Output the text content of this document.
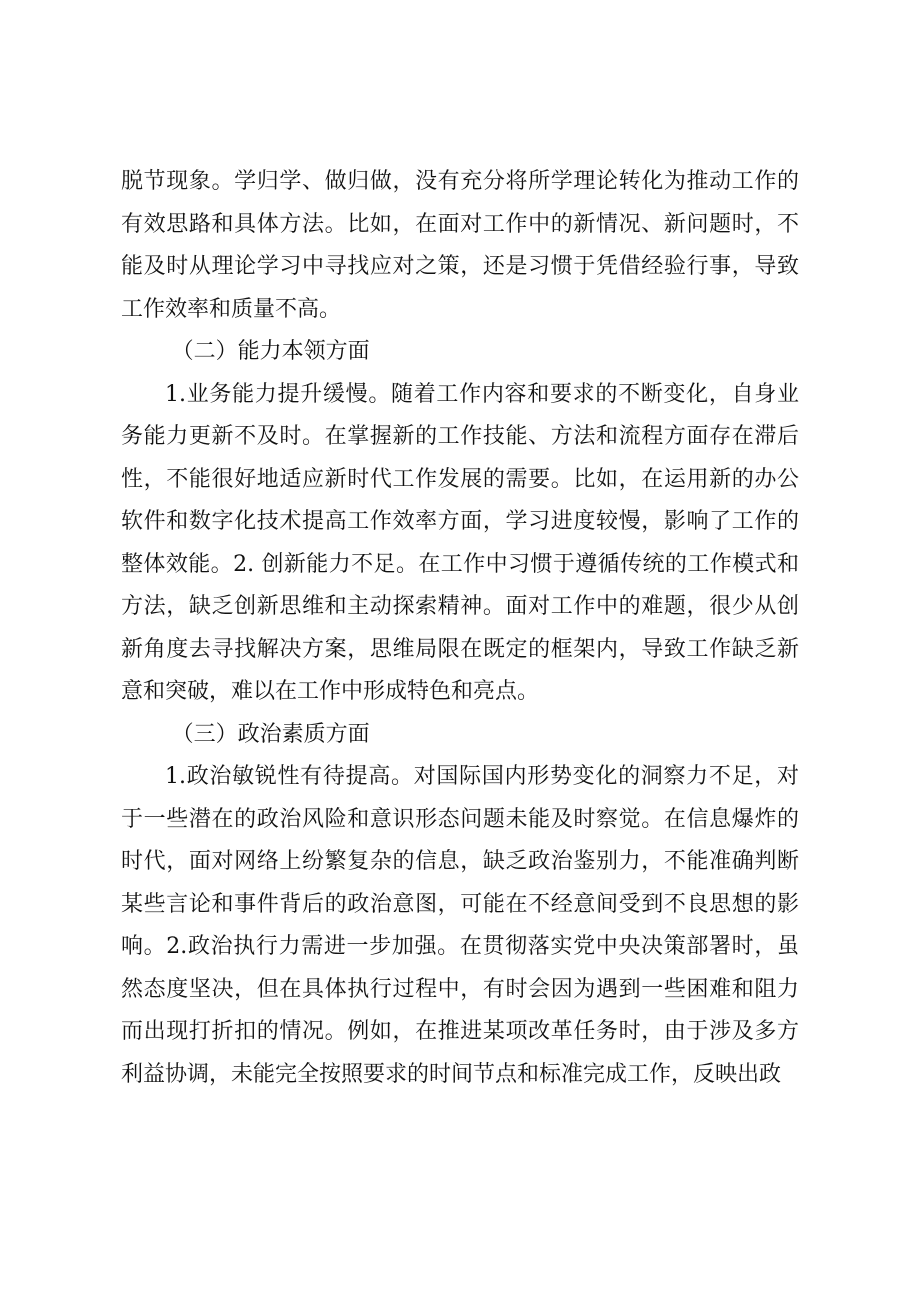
脱节现象。学归学、做归做，没有充分将所学理论转化为推动工作的有效思路和具体方法。比如，在面对工作中的新情况、新问题时，不能及时从理论学习中寻找应对之策，还是习惯于凭借经验行事，导致工作效率和质量不高。

（二）能力本领方面

1.业务能力提升缓慢。随着工作内容和要求的不断变化，自身业务能力更新不及时。在掌握新的工作技能、方法和流程方面存在滞后性，不能很好地适应新时代工作发展的需要。比如，在运用新的办公软件和数字化技术提高工作效率方面，学习进度较慢，影响了工作的整体效能。2. 创新能力不足。在工作中习惯于遵循传统的工作模式和方法，缺乏创新思维和主动探索精神。面对工作中的难题，很少从创新角度去寻找解决方案，思维局限在既定的框架内，导致工作缺乏新意和突破，难以在工作中形成特色和亮点。

（三）政治素质方面

1.政治敏锐性有待提高。对国际国内形势变化的洞察力不足，对于一些潜在的政治风险和意识形态问题未能及时察觉。在信息爆炸的时代，面对网络上纷繁复杂的信息，缺乏政治鉴别力，不能准确判断某些言论和事件背后的政治意图，可能在不经意间受到不良思想的影响。2.政治执行力需进一步加强。在贯彻落实党中央决策部署时，虽然态度坚决，但在具体执行过程中，有时会因为遇到一些困难和阻力而出现打折扣的情况。例如，在推进某项改革任务时，由于涉及多方利益协调，未能完全按照要求的时间节点和标准完成工作，反映出政
